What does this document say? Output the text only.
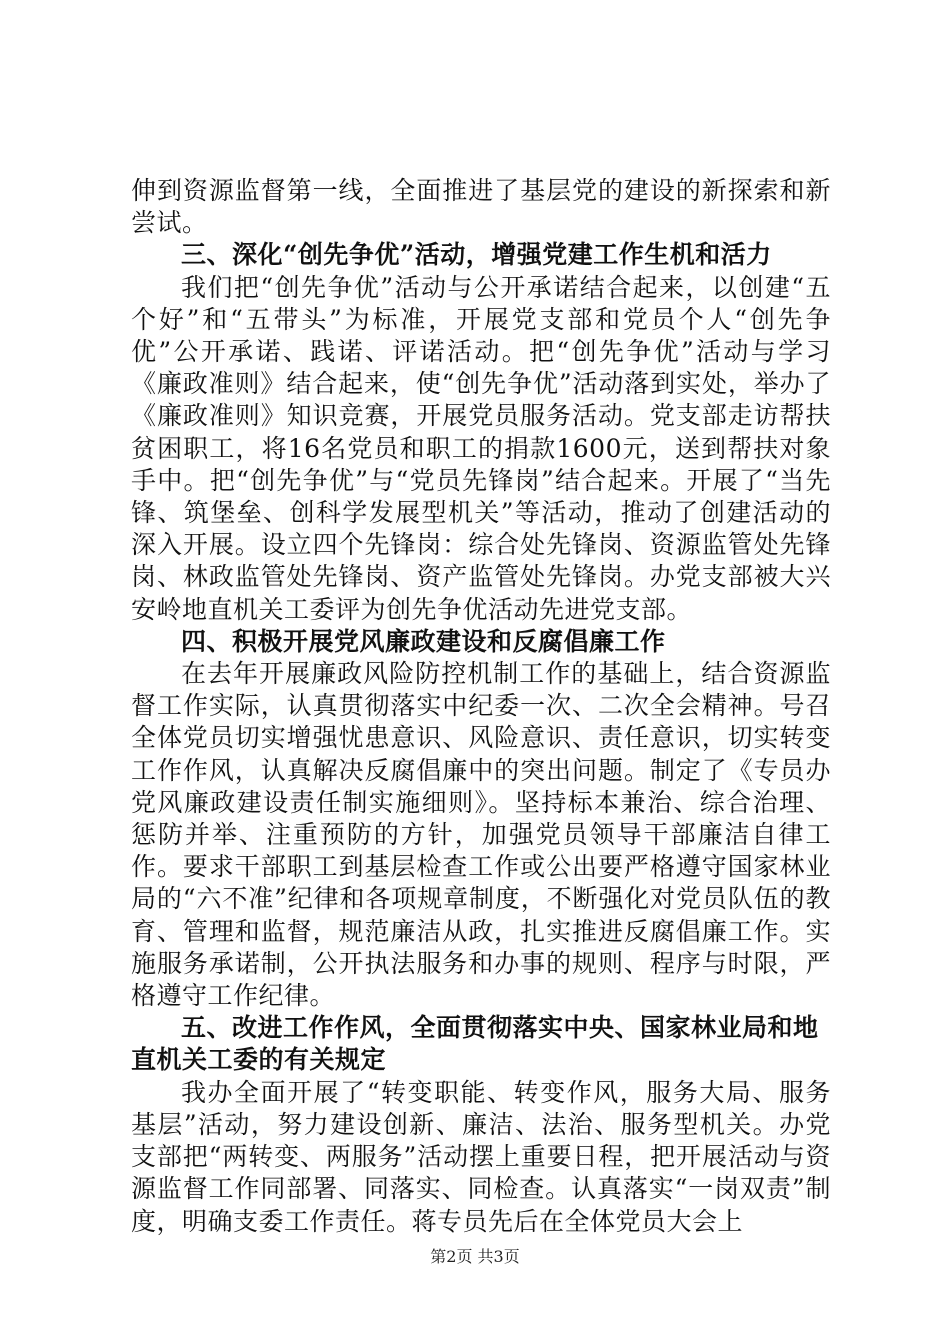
伸到资源监督第一线，全面推进了基层党的建设的新探索和新尝试。

三、深化“创先争优”活动，增强党建工作生机和活力

我们把“创先争优”活动与公开承诺结合起来，以创建“五个好”和“五带头”为标准，开展党支部和党员个人“创先争优”公开承诺、践诺、评诺活动。把“创先争优”活动与学习《廉政准则》结合起来，使“创先争优”活动落到实处，举办了《廉政准则》知识竞赛，开展党员服务活动。党支部走访帮扶贫困职工，将16名党员和职工的捐款1600元，送到帮扶对象手中。把“创先争优”与“党员先锋岗”结合起来。开展了“当先锋、筑堡垒、创科学发展型机关”等活动，推动了创建活动的深入开展。设立四个先锋岗：综合处先锋岗、资源监管处先锋岗、林政监管处先锋岗、资产监管处先锋岗。办党支部被大兴安岭地直机关工委评为创先争优活动先进党支部。

四、积极开展党风廉政建设和反腐倡廉工作

在去年开展廉政风险防控机制工作的基础上，结合资源监督工作实际，认真贯彻落实中纪委一次、二次全会精神。号召全体党员切实增强忧患意识、风险意识、责任意识，切实转变工作作风，认真解决反腐倡廉中的突出问题。制定了《专员办党风廉政建设责任制实施细则》。坚持标本兼治、综合治理、惩防并举、注重预防的方针，加强党员领导干部廉洁自律工作。要求干部职工到基层检查工作或公出要严格遵守国家林业局的“六不准”纪律和各项规章制度，不断强化对党员队伍的教育、管理和监督，规范廉洁从政，扎实推进反腐倡廉工作。实施服务承诺制，公开执法服务和办事的规则、程序与时限，严格遵守工作纪律。

五、改进工作作风，全面贯彻落实中央、国家林业局和地直机关工委的有关规定

我办全面开展了“转变职能、转变作风，服务大局、服务基层”活动，努力建设创新、廉洁、法治、服务型机关。办党支部把“两转变、两服务”活动摆上重要日程，把开展活动与资源监督工作同部署、同落实、同检查。认真落实“一岗双责”制度，明确支委工作责任。蒋专员先后在全体党员大会上

第2页 共3页
